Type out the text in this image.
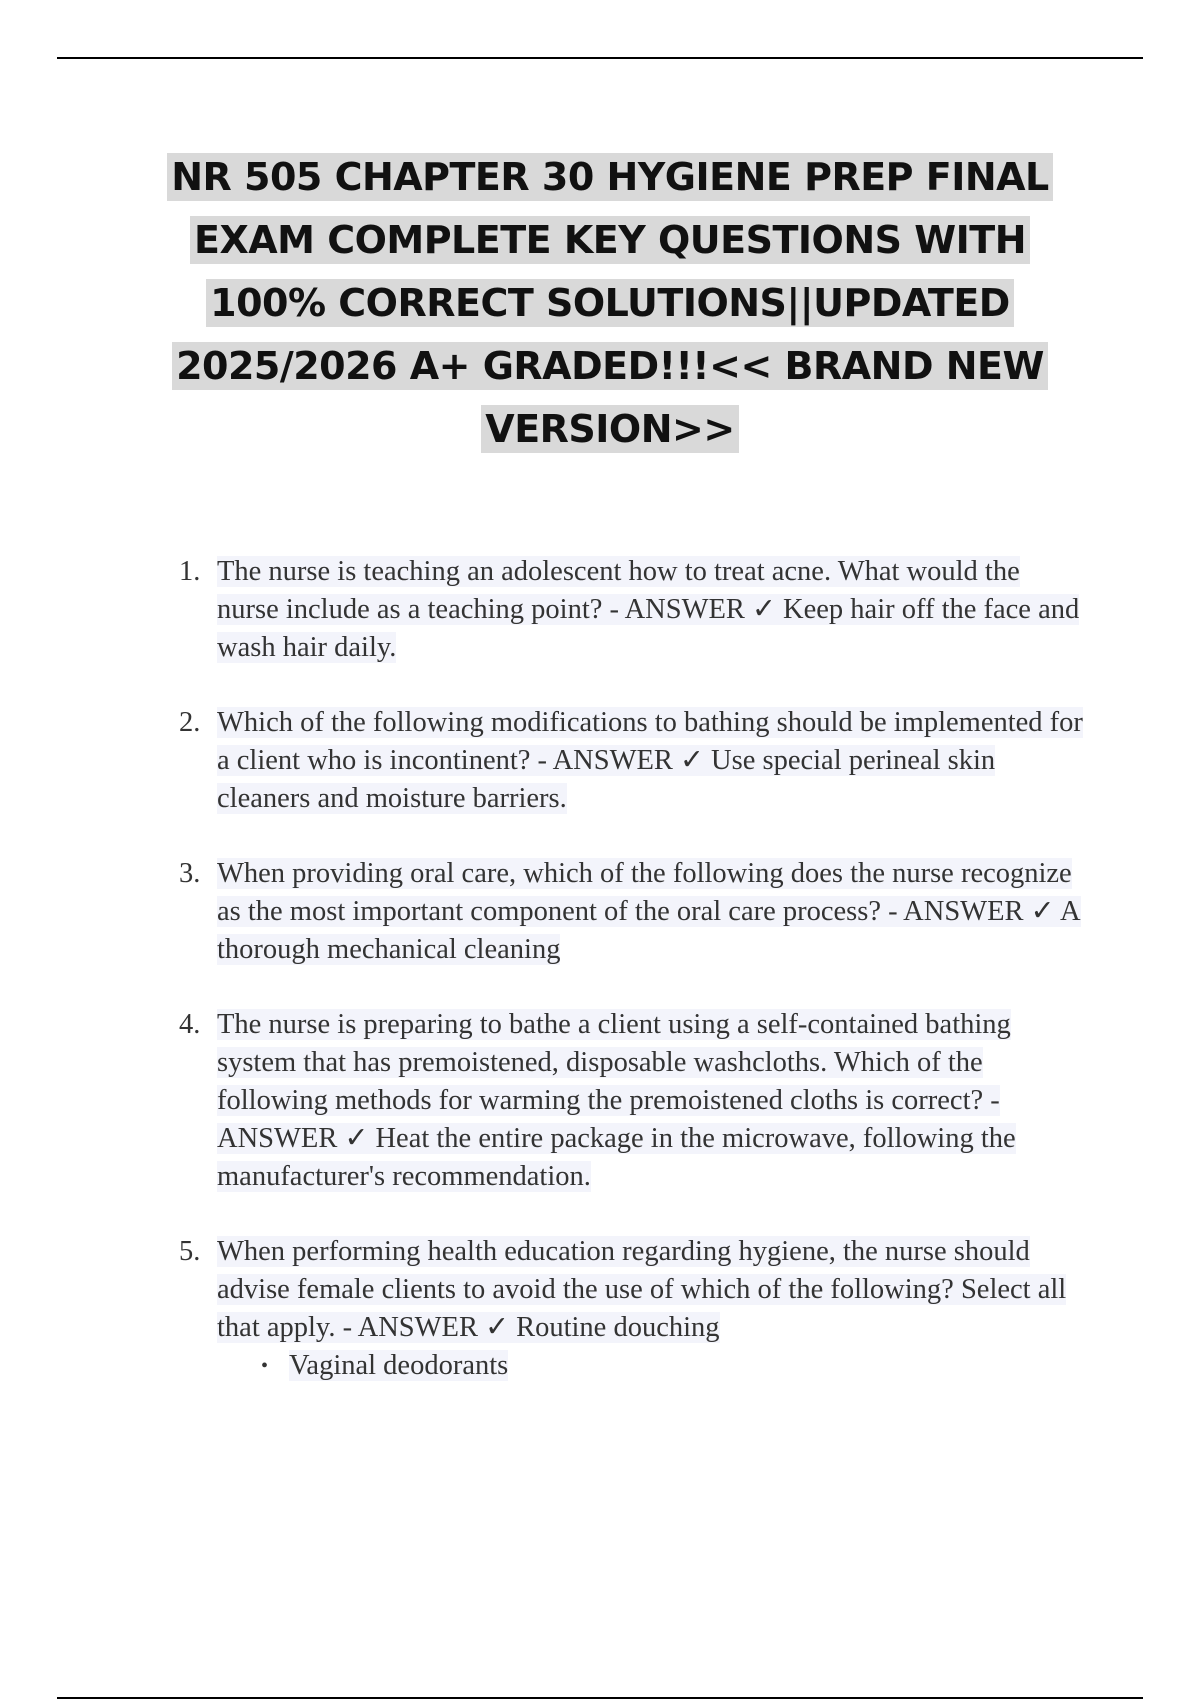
NR 505 CHAPTER 30 HYGIENE PREP FINAL EXAM COMPLETE KEY QUESTIONS WITH 100% CORRECT SOLUTIONS||UPDATED 2025/2026 A+ GRADED!!!<< BRAND NEW VERSION>>
1. The nurse is teaching an adolescent how to treat acne. What would the nurse include as a teaching point? - ANSWER ✓ Keep hair off the face and wash hair daily.
2. Which of the following modifications to bathing should be implemented for a client who is incontinent? - ANSWER ✓ Use special perineal skin cleaners and moisture barriers.
3. When providing oral care, which of the following does the nurse recognize as the most important component of the oral care process? - ANSWER ✓ A thorough mechanical cleaning
4. The nurse is preparing to bathe a client using a self-contained bathing system that has premoistened, disposable washcloths. Which of the following methods for warming the premoistened cloths is correct? - ANSWER ✓ Heat the entire package in the microwave, following the manufacturer's recommendation.
5. When performing health education regarding hygiene, the nurse should advise female clients to avoid the use of which of the following? Select all that apply. - ANSWER ✓ Routine douching
• Vaginal deodorants
